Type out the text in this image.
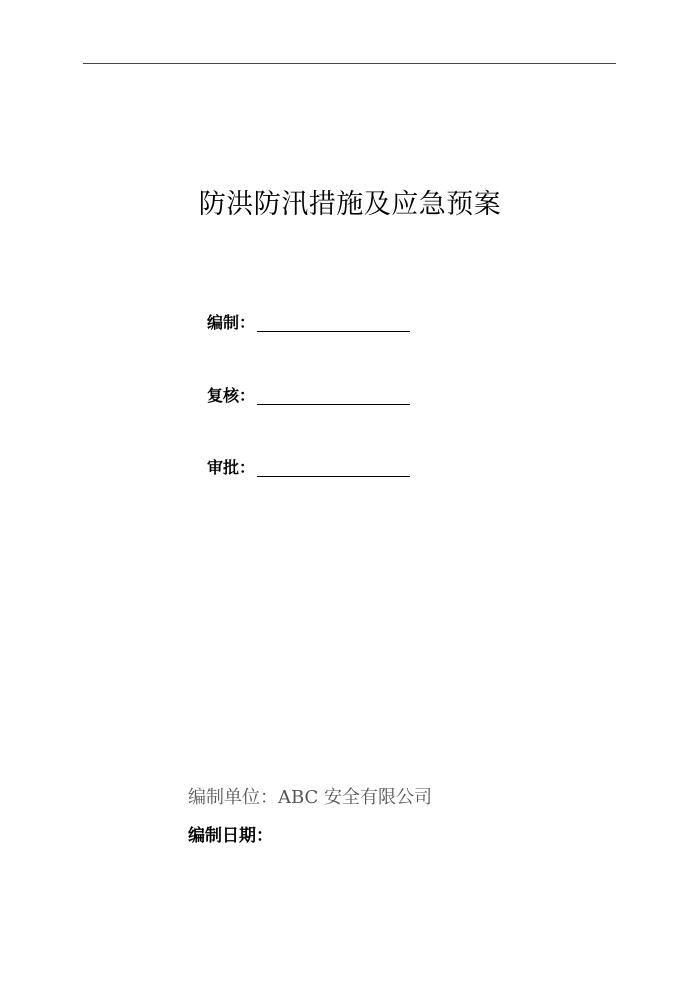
防洪防汛措施及应急预案
编制：
复核：
审批：
编制单位：ABC 安全有限公司
编制日期：
